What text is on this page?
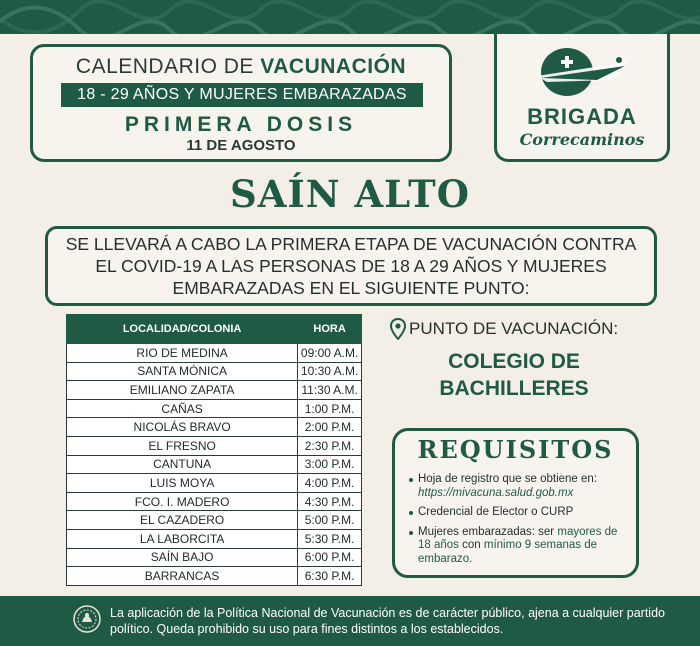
CALENDARIO DE VACUNACIÓN
18 - 29 AÑOS Y MUJERES EMBARAZADAS
PRIMERA DOSIS
11 DE AGOSTO
BRIGADA
Correcaminos
SAÍN ALTO
SE LLEVARÁ A CABO LA PRIMERA ETAPA DE VACUNACIÓN CONTRA EL COVID-19 A LAS PERSONAS DE 18 A 29 AÑOS Y MUJERES EMBARAZADAS EN EL SIGUIENTE PUNTO:
LOCALIDAD/COLONIA	HORA
RIO DE MEDINA	09:00 A.M.
SANTA MÓNICA	10:30 A.M.
EMILIANO ZAPATA	11:30 A.M.
CAÑAS	1:00 P.M.
NICOLÁS BRAVO	2:00 P.M.
EL FRESNO	2:30 P.M.
CANTUNA	3:00 P.M.
LUIS MOYA	4:00 P.M.
FCO. I. MADERO	4:30 P.M.
EL CAZADERO	5:00 P.M.
LA LABORCITA	5:30 P.M.
SAÍN BAJO	6:00 P.M.
BARRANCAS	6:30 P.M.
PUNTO DE VACUNACIÓN:
COLEGIO DE
BACHILLERES
REQUISITOS
Hoja de registro que se obtiene en: https://mivacuna.salud.gob.mx
Credencial de Elector o CURP
Mujeres embarazadas: ser mayores de 18 años con mínimo 9 semanas de embarazo.
La aplicación de la Política Nacional de Vacunación es de carácter público, ajena a cualquier partido político. Queda prohibido su uso para fines distintos a los establecidos.
